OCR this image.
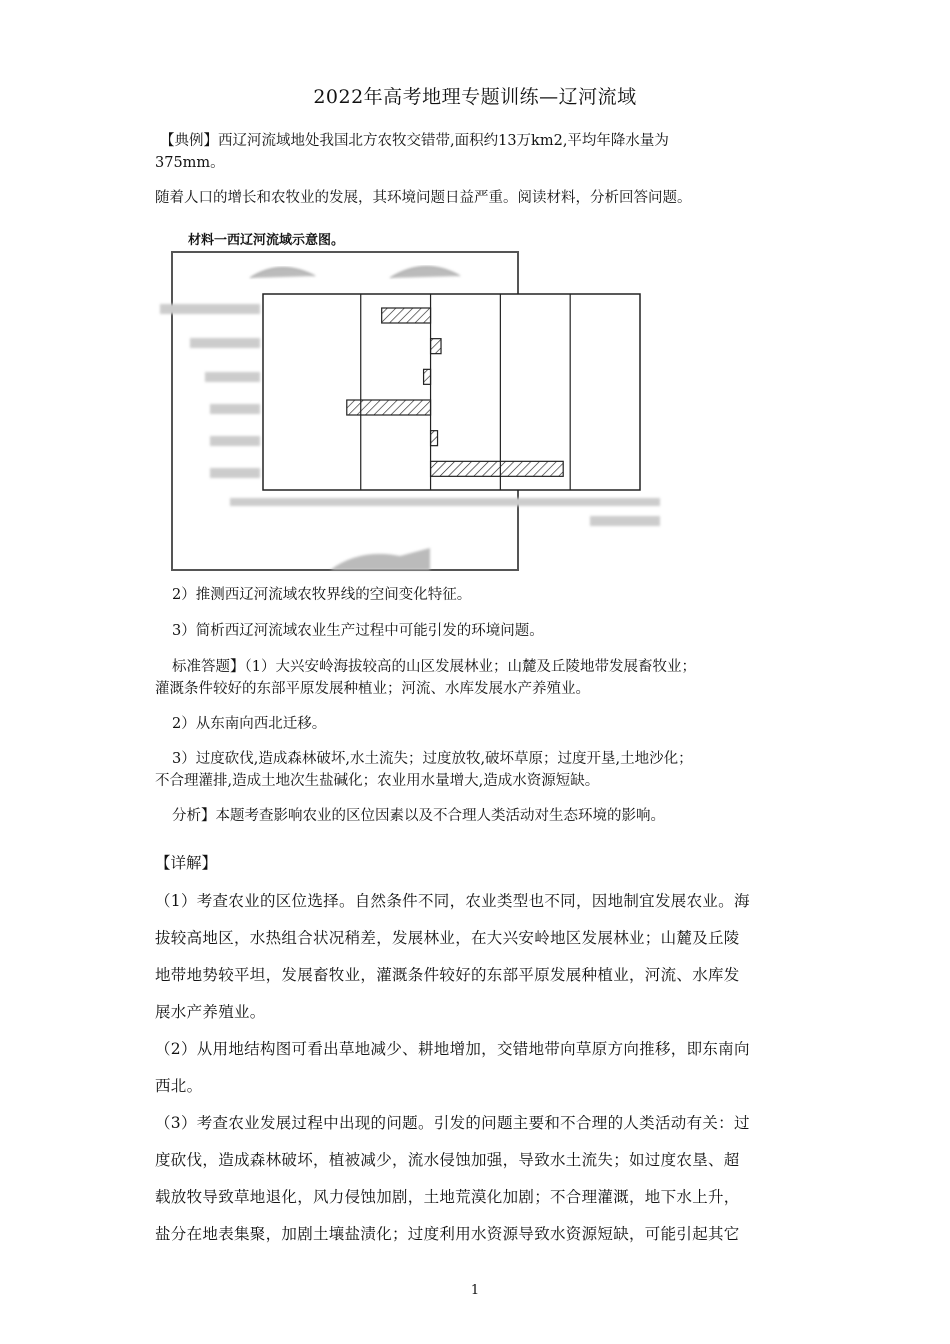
2022年高考地理专题训练—辽河流域
【典例】西辽河流域地处我国北方农牧交错带,面积约13万km2,平均年降水量为
375mm。
随着人口的增长和农牧业的发展，其环境问题日益严重。阅读材料，分析回答问题。
材料一西辽河流域示意图。
2）推测西辽河流域农牧界线的空间变化特征。
3）简析西辽河流域农业生产过程中可能引发的环境问题。
标准答题】（1）大兴安岭海拔较高的山区发展林业；山麓及丘陵地带发展畜牧业；
灌溉条件较好的东部平原发展种植业；河流、水库发展水产养殖业。
2）从东南向西北迁移。
3）过度砍伐,造成森林破坏,水土流失；过度放牧,破坏草原；过度开垦,土地沙化；
不合理灌排,造成土地次生盐碱化；农业用水量增大,造成水资源短缺。
分析】本题考查影响农业的区位因素以及不合理人类活动对生态环境的影响。
【详解】
（1）考查农业的区位选择。自然条件不同，农业类型也不同，因地制宜发展农业。海
拔较高地区，水热组合状况稍差，发展林业，在大兴安岭地区发展林业；山麓及丘陵
地带地势较平坦，发展畜牧业，灌溉条件较好的东部平原发展种植业，河流、水库发
展水产养殖业。
（2）从用地结构图可看出草地减少、耕地增加，交错地带向草原方向推移，即东南向
西北。
（3）考查农业发展过程中出现的问题。引发的问题主要和不合理的人类活动有关：过
度砍伐，造成森林破坏，植被减少，流水侵蚀加强，导致水土流失；如过度农垦、超
载放牧导致草地退化，风力侵蚀加剧，土地荒漠化加剧；不合理灌溉，地下水上升，
盐分在地表集聚，加剧土壤盐渍化；过度利用水资源导致水资源短缺，可能引起其它
1
